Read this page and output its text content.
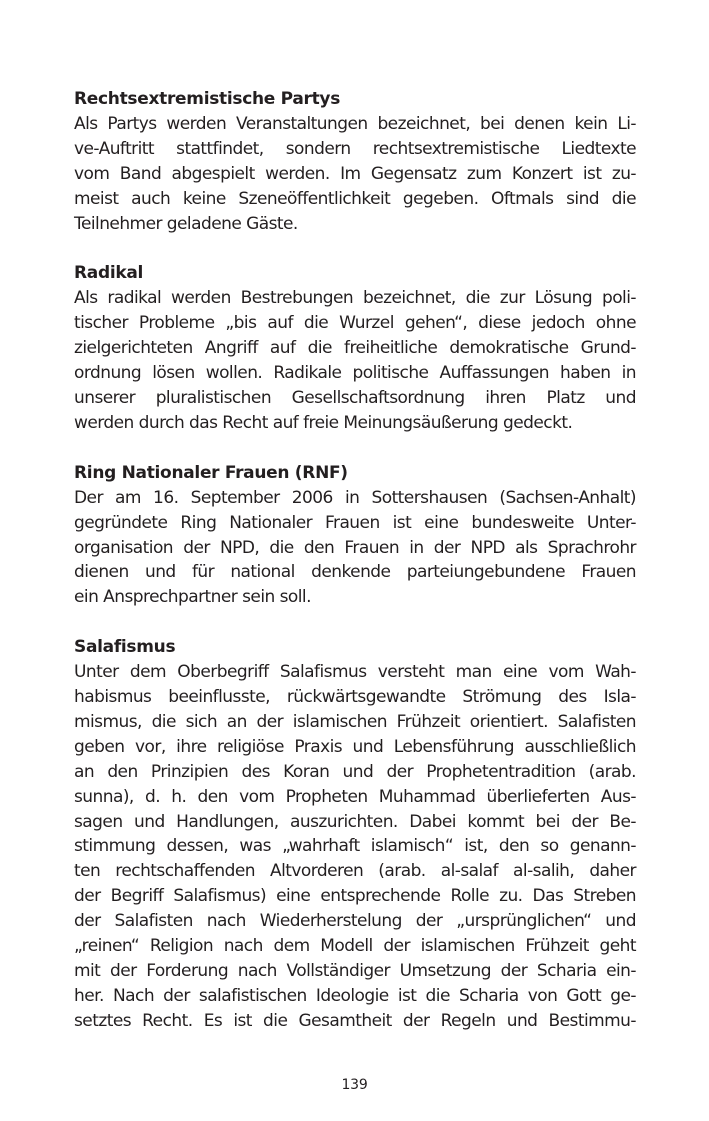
Rechtsextremistische Partys
Als Partys werden Veranstaltungen bezeichnet, bei denen kein Li-
ve-Auftritt stattfindet, sondern rechtsextremistische Liedtexte
vom Band abgespielt werden. Im Gegensatz zum Konzert ist zu-
meist auch keine Szeneöffentlichkeit gegeben. Oftmals sind die
Teilnehmer geladene Gäste.
Radikal
Als radikal werden Bestrebungen bezeichnet, die zur Lösung poli-
tischer Probleme „bis auf die Wurzel gehen“, diese jedoch ohne
zielgerichteten Angriff auf die freiheitliche demokratische Grund-
ordnung lösen wollen. Radikale politische Auffassungen haben in
unserer pluralistischen Gesellschaftsordnung ihren Platz und
werden durch das Recht auf freie Meinungsäußerung gedeckt.
Ring Nationaler Frauen (RNF)
Der am 16. September 2006 in Sottershausen (Sachsen-Anhalt)
gegründete Ring Nationaler Frauen ist eine bundesweite Unter-
organisation der NPD, die den Frauen in der NPD als Sprachrohr
dienen und für national denkende parteiungebundene Frauen
ein Ansprechpartner sein soll.
Salafismus
Unter dem Oberbegriff Salafismus versteht man eine vom Wah-
habismus beeinflusste, rückwärtsgewandte Strömung des Isla-
mismus, die sich an der islamischen Frühzeit orientiert. Salafisten
geben vor, ihre religiöse Praxis und Lebensführung ausschließlich
an den Prinzipien des Koran und der Prophetentradition (arab.
sunna), d. h. den vom Propheten Muhammad überlieferten Aus-
sagen und Handlungen, auszurichten. Dabei kommt bei der Be-
stimmung dessen, was „wahrhaft islamisch“ ist, den so genann-
ten rechtschaffenden Altvorderen (arab. al-salaf al-salih, daher
der Begriff Salafismus) eine entsprechende Rolle zu. Das Streben
der Salafisten nach Wiederherstelung der „ursprünglichen“ und
„reinen“ Religion nach dem Modell der islamischen Frühzeit geht
mit der Forderung nach Vollständiger Umsetzung der Scharia ein-
her. Nach der salafistischen Ideologie ist die Scharia von Gott ge-
setztes Recht. Es ist die Gesamtheit der Regeln und Bestimmu-
139
